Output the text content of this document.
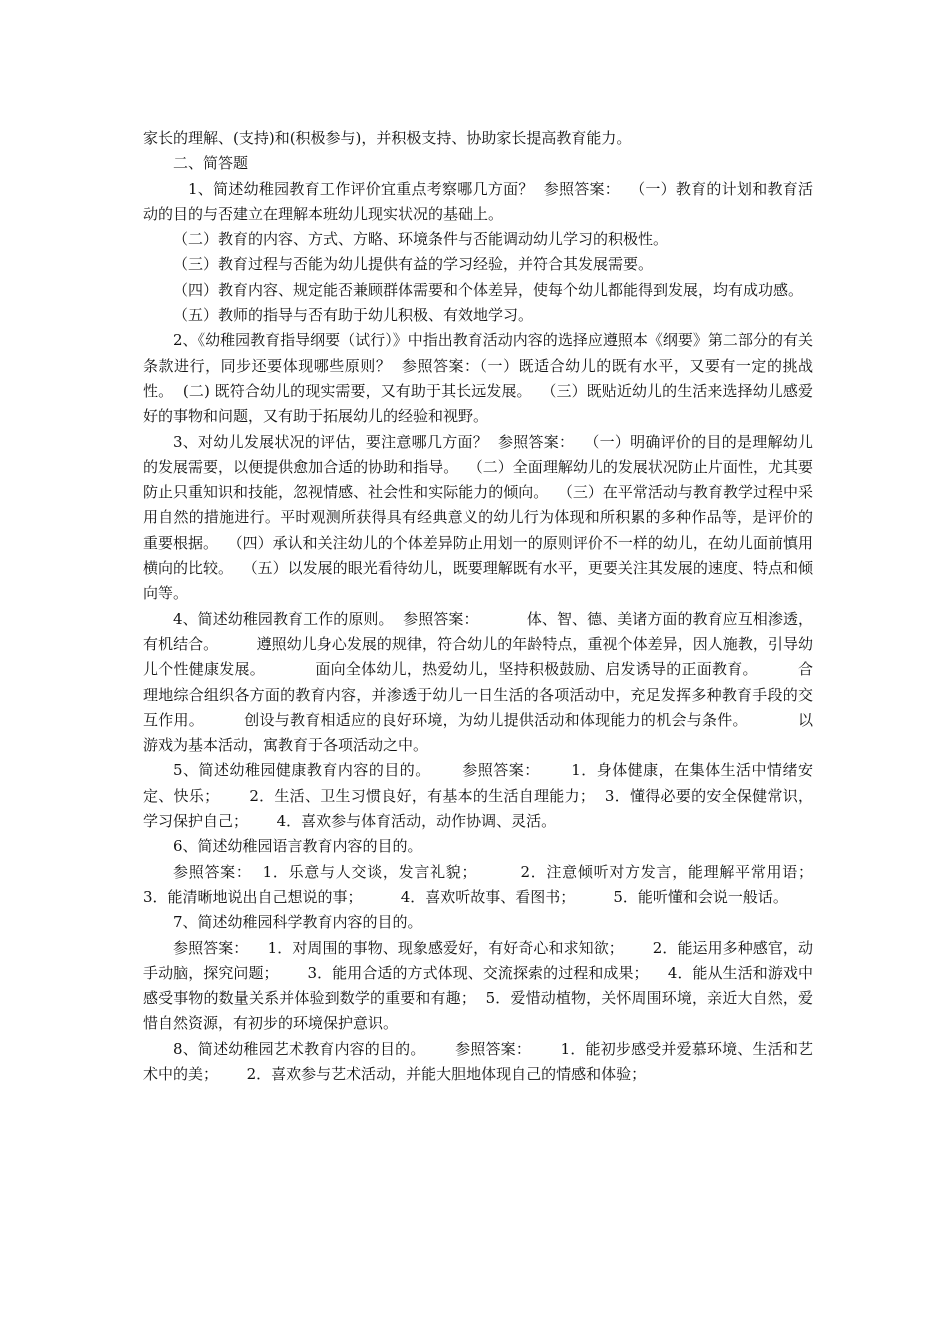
家长的理解、(支持)和(积极参与)，并积极支持、协助家长提高教育能力。

二、简答题

1、简述幼稚园教育工作评价宜重点考察哪几方面？  参照答案：  （一）教育的计划和教育活动的目的与否建立在理解本班幼儿现实状况的基础上。

（二）教育的内容、方式、方略、环境条件与否能调动幼儿学习的积极性。

（三）教育过程与否能为幼儿提供有益的学习经验，并符合其发展需要。

（四）教育内容、规定能否兼顾群体需要和个体差异，使每个幼儿都能得到发展，均有成功感。

（五）教师的指导与否有助于幼儿积极、有效地学习。

2、《幼稚园教育指导纲要（试行）》中指出教育活动内容的选择应遵照本《纲要》第二部分的有关条款进行，同步还要体现哪些原则？  参照答案：（一）既适合幼儿的既有水平，又要有一定的挑战性。  (二) 既符合幼儿的现实需要，又有助于其长远发展。  （三）既贴近幼儿的生活来选择幼儿感爱好的事物和问题，又有助于拓展幼儿的经验和视野。

3、对幼儿发展状况的评估，要注意哪几方面？  参照答案：  （一）明确评价的目的是理解幼儿的发展需要，以便提供愈加合适的协助和指导。  （二）全面理解幼儿的发展状况防止片面性，尤其要防止只重知识和技能，忽视情感、社会性和实际能力的倾向。  （三）在平常活动与教育教学过程中采用自然的措施进行。平时观测所获得具有经典意义的幼儿行为体现和所积累的多种作品等，是评价的重要根据。  （四）承认和关注幼儿的个体差异防止用划一的原则评价不一样的幼儿，在幼儿面前慎用横向的比较。  （五）以发展的眼光看待幼儿，既要理解既有水平，更要关注其发展的速度、特点和倾向等。

4、简述幼稚园教育工作的原则。  参照答案：          体、智、德、美诸方面的教育应互相渗透，有机结合。        遵照幼儿身心发展的规律，符合幼儿的年龄特点，重视个体差异，因人施教，引导幼儿个性健康发展。          面向全体幼儿，热爱幼儿，坚持积极鼓励、启发诱导的正面教育。        合理地综合组织各方面的教育内容，并渗透于幼儿一日生活的各项活动中，充足发挥多种教育手段的交互作用。        创设与教育相适应的良好环境，为幼儿提供活动和体现能力的机会与条件。          以游戏为基本活动，寓教育于各项活动之中。

5、简述幼稚园健康教育内容的目的。      参照答案：      1．身体健康，在集体生活中情绪安定、快乐；      2．生活、卫生习惯良好，有基本的生活自理能力；  3．懂得必要的安全保健常识，学习保护自己；      4．喜欢参与体育活动，动作协调、灵活。

6、简述幼稚园语言教育内容的目的。

参照答案：  1．乐意与人交谈，发言礼貌；        2．注意倾听对方发言，能理解平常用语；        3．能清晰地说出自己想说的事；        4．喜欢听故事、看图书；        5．能听懂和会说一般话。

7、简述幼稚园科学教育内容的目的。

参照答案：    1．对周围的事物、现象感爱好，有好奇心和求知欲；      2．能运用多种感官，动手动脑，探究问题；      3．能用合适的方式体现、交流探索的过程和成果；    4．能从生活和游戏中感受事物的数量关系并体验到数学的重要和有趣；  5．爱惜动植物，关怀周围环境，亲近大自然，爱惜自然资源，有初步的环境保护意识。

8、简述幼稚园艺术教育内容的目的。      参照答案：      1．能初步感受并爱慕环境、生活和艺术中的美；      2．喜欢参与艺术活动，并能大胆地体现自己的情感和体验；
